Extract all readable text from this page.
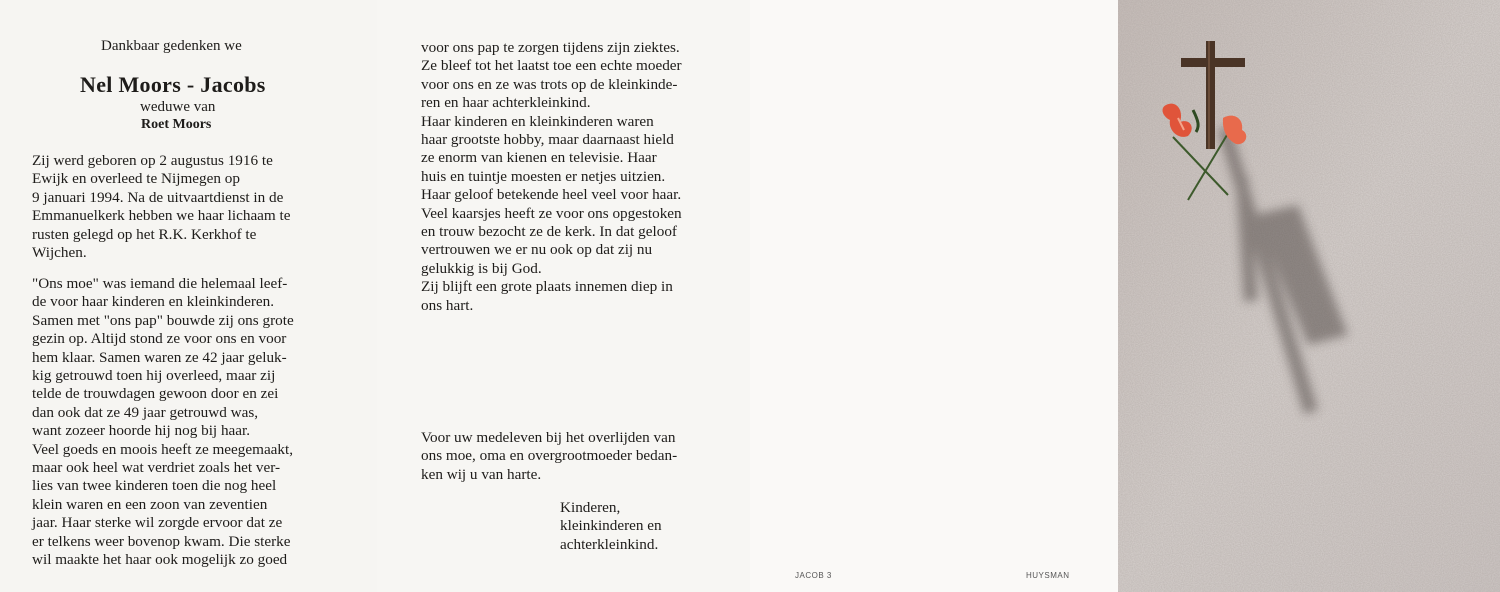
Dankbaar gedenken we
Nel Moors - Jacobs
weduwe van
Roet Moors

Zij werd geboren op 2 augustus 1916 te
Ewijk en overleed te Nijmegen op
9 januari 1994. Na de uitvaartdienst in de
Emmanuelkerk hebben we haar lichaam te
rusten gelegd op het R.K. Kerkhof te
Wijchen.

"Ons moe" was iemand die helemaal leef-
de voor haar kinderen en kleinkinderen.
Samen met "ons pap" bouwde zij ons grote
gezin op. Altijd stond ze voor ons en voor
hem klaar. Samen waren ze 42 jaar geluk-
kig getrouwd toen hij overleed, maar zij
telde de trouwdagen gewoon door en zei
dan ook dat ze 49 jaar getrouwd was,
want zozeer hoorde hij nog bij haar.
Veel goeds en moois heeft ze meegemaakt,
maar ook heel wat verdriet zoals het ver-
lies van twee kinderen toen die nog heel
klein waren en een zoon van zeventien
jaar. Haar sterke wil zorgde ervoor dat ze
er telkens weer bovenop kwam. Die sterke
wil maakte het haar ook mogelijk zo goed

voor ons pap te zorgen tijdens zijn ziektes.
Ze bleef tot het laatst toe een echte moeder
voor ons en ze was trots op de kleinkinde-
ren en haar achterkleinkind.
Haar kinderen en kleinkinderen waren
haar grootste hobby, maar daarnaast hield
ze enorm van kienen en televisie. Haar
huis en tuintje moesten er netjes uitzien.
Haar geloof betekende heel veel voor haar.
Veel kaarsjes heeft ze voor ons opgestoken
en trouw bezocht ze de kerk. In dat geloof
vertrouwen we er nu ook op dat zij nu
gelukkig is bij God.
Zij blijft een grote plaats innemen diep in
ons hart.

Voor uw medeleven bij het overlijden van
ons moe, oma en overgrootmoeder bedan-
ken wij u van harte.

Kinderen,
kleinkinderen en
achterkleinkind.

JACOB 3	HUYSMAN
